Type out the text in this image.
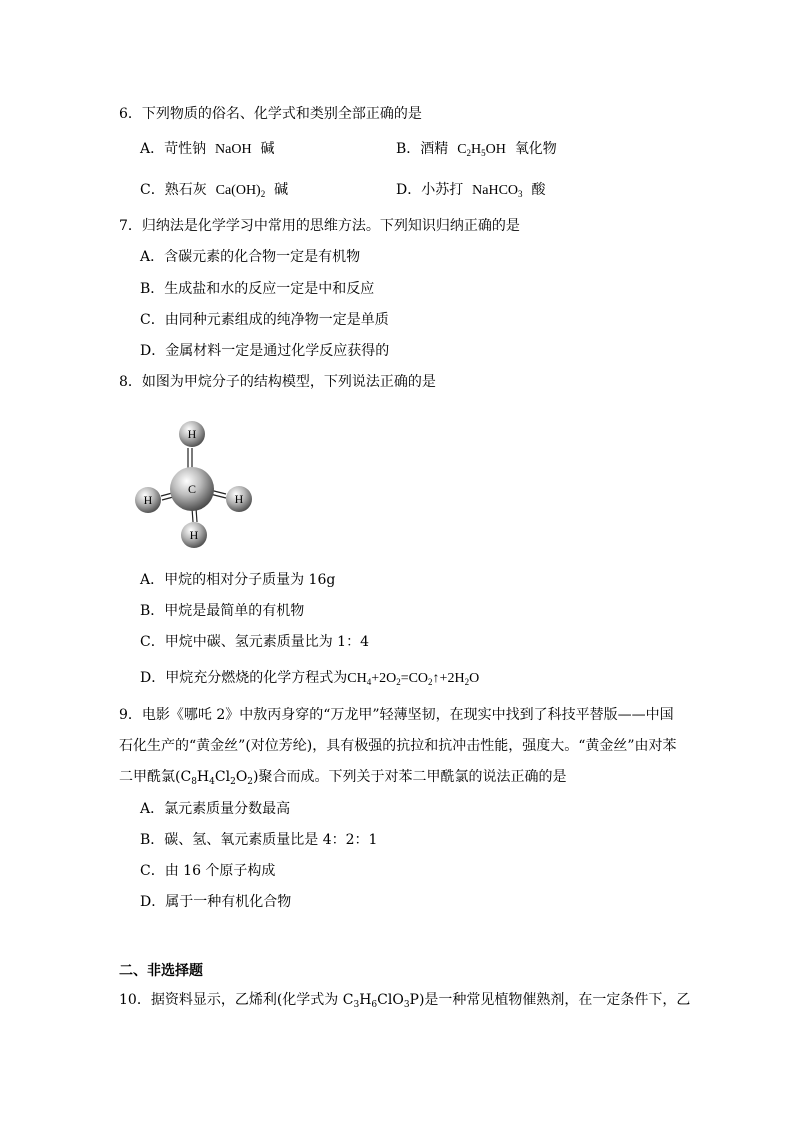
6．下列物质的俗名、化学式和类别全部正确的是
A．苛性钠 NaOH 碱	B．酒精 $C_2H_5OH$ 氧化物
C．熟石灰 $Ca(OH)_2$ 碱	D．小苏打 NaHCO$_3$ 酸
7．归纳法是化学学习中常用的思维方法。下列知识归纳正确的是
A．含碳元素的化合物一定是有机物
B．生成盐和水的反应一定是中和反应
C．由同种元素组成的纯净物一定是单质
D．金属材料一定是通过化学反应获得的
8．如图为甲烷分子的结构模型，下列说法正确的是
H
H	H
C
H
A．甲烷的相对分子质量为 16g
B．甲烷是最简单的有机物
C．甲烷中碳、氢元素质量比为 1：4
D．甲烷充分燃烧的化学方程式为$CH_4+2O_2=CO_2↑+2H_2O$
9．电影《哪吒 2》中敖丙身穿的“万龙甲”轻薄坚韧，在现实中找到了科技平替版——中国
石化生产的“黄金丝”(对位芳纶)，具有极强的抗拉和抗冲击性能，强度大。“黄金丝”由对苯
二甲酰氯$(C_8H_4Cl_2O_2)$聚合而成。下列关于对苯二甲酰氯的说法正确的是
A．氯元素质量分数最高
B．碳、氢、氧元素质量比是 4：2：1
C．由 16 个原子构成
D．属于一种有机化合物
二、非选择题
10．据资料显示，乙烯利(化学式为 $C_3H_6ClO_3P$)是一种常见植物催熟剂，在一定条件下，乙
